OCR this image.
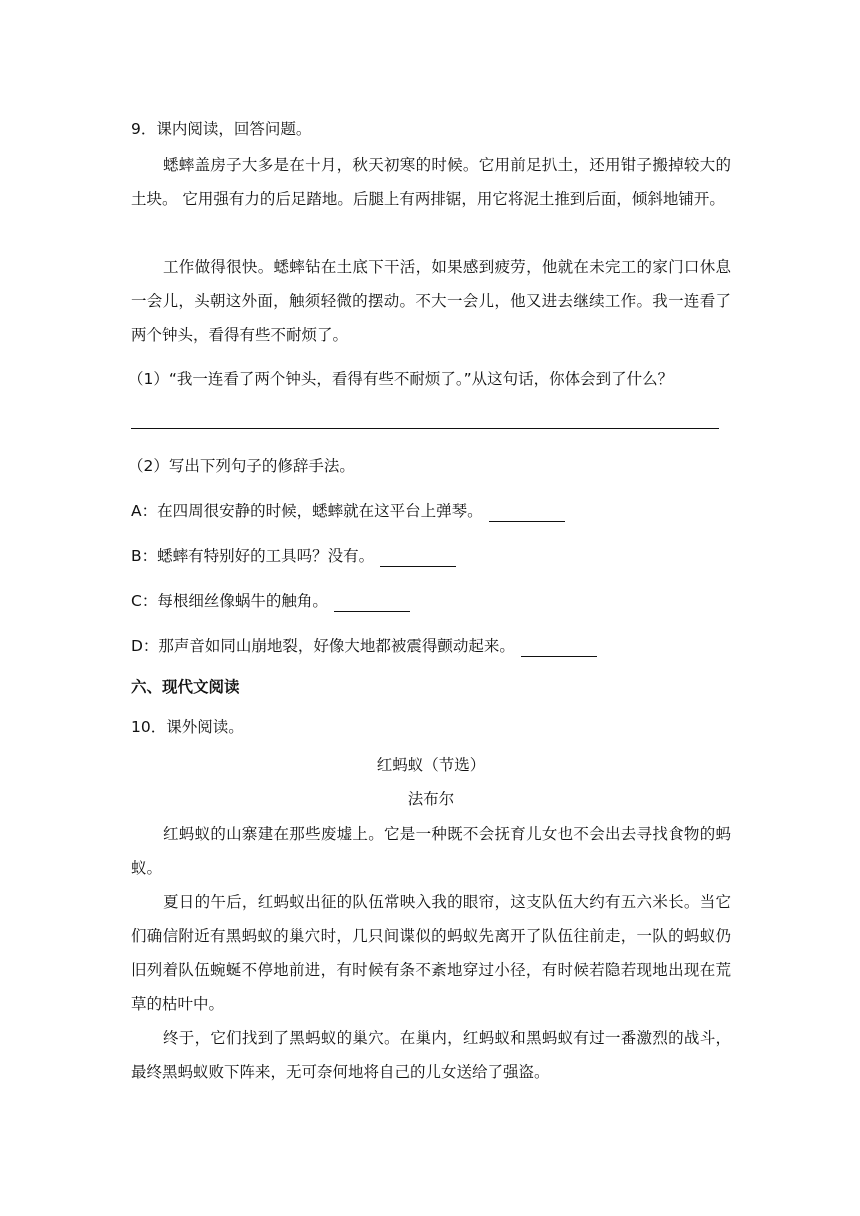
9．课内阅读，回答问题。
蟋蟀盖房子大多是在十月，秋天初寒的时候。它用前足扒土，还用钳子搬掉较大的土块。 它用强有力的后足踏地。后腿上有两排锯，用它将泥土推到后面，倾斜地铺开。
工作做得很快。蟋蟀钻在土底下干活，如果感到疲劳，他就在未完工的家门口休息一会儿，头朝这外面，触须轻微的摆动。不大一会儿，他又进去继续工作。我一连看了两个钟头，看得有些不耐烦了。
（1）“我一连看了两个钟头，看得有些不耐烦了。”从这句话，你体会到了什么？
（2）写出下列句子的修辞手法。
A：在四周很安静的时候，蟋蟀就在这平台上弹琴。
B：蟋蟀有特别好的工具吗？没有。
C：每根细丝像蜗牛的触角。
D：那声音如同山崩地裂，好像大地都被震得颤动起来。
六、现代文阅读
10．课外阅读。
红蚂蚁（节选）
法布尔
红蚂蚁的山寨建在那些废墟上。它是一种既不会抚育儿女也不会出去寻找食物的蚂蚁。
夏日的午后，红蚂蚁出征的队伍常映入我的眼帘，这支队伍大约有五六米长。当它们确信附近有黑蚂蚁的巢穴时，几只间谍似的蚂蚁先离开了队伍往前走，一队的蚂蚁仍旧列着队伍蜿蜒不停地前进，有时候有条不紊地穿过小径，有时候若隐若现地出现在荒草的枯叶中。
终于，它们找到了黑蚂蚁的巢穴。在巢内，红蚂蚁和黑蚂蚁有过一番激烈的战斗，最终黑蚂蚁败下阵来，无可奈何地将自己的儿女送给了强盗。
